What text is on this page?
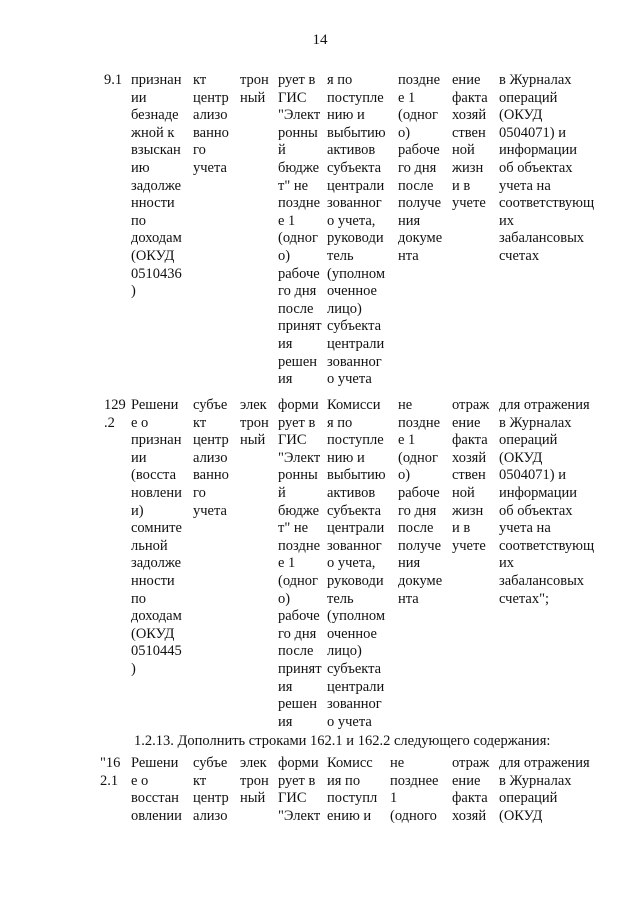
14
9.1 признан
ии
безнаде
жной к
взыскан
ию
задолже
нности
по
доходам
(ОКУД
0510436
)
кт
центр
ализо
ванно
го
учета
трон
ный
рует в
ГИС
"Элект
ронны
й
бюдже
т" не
поздне
е 1
(одног
о)
рабоче
го дня
после
принят
ия
решен
ия
я по
поступле
нию и
выбытию
активов
субъекта
централи
зованног
о учета,
руководи
тель
(уполном
оченное
лицо)
субъекта
централи
зованног
о учета
поздне
е 1
(одног
о)
рабоче
го дня
после
получе
ния
докуме
нта
ение
факта
хозяй
ствен
ной
жизн
и в
учете
в Журналах
операций
(ОКУД
0504071) и
информации
об объектах
учета на
соответствующ
их
забалансовых
счетах
129
.2
Решени
е о
признан
ии
(восста
новлени
и)
сомните
льной
задолже
нности
по
доходам
(ОКУД
0510445
)
субъе
кт
центр
ализо
ванно
го
учета
элек
трон
ный
форми
рует в
ГИС
"Элект
ронны
й
бюдже
т" не
поздне
е 1
(одног
о)
рабоче
го дня
после
принят
ия
решен
ия
Комисси
я по
поступле
нию и
выбытию
активов
субъекта
централи
зованног
о учета,
руководи
тель
(уполном
оченное
лицо)
субъекта
централи
зованног
о учета
не
поздне
е 1
(одног
о)
рабоче
го дня
после
получе
ния
докуме
нта
отраж
ение
факта
хозяй
ствен
ной
жизн
и в
учете
для отражения
в Журналах
операций
(ОКУД
0504071) и
информации
об объектах
учета на
соответствующ
их
забалансовых
счетах";
1.2.13. Дополнить строками 162.1 и 162.2 следующего содержания:
"16
2.1
Решени
е о
восстан
овлении
субъе
кт
центр
ализо
элек
трон
ный
форми
рует в
ГИС
"Элект
Комисс
ия по
поступл
ению и
не
позднее
1
(одного
отраж
ение
факта
хозяй
для отражения
в Журналах
операций
(ОКУД
